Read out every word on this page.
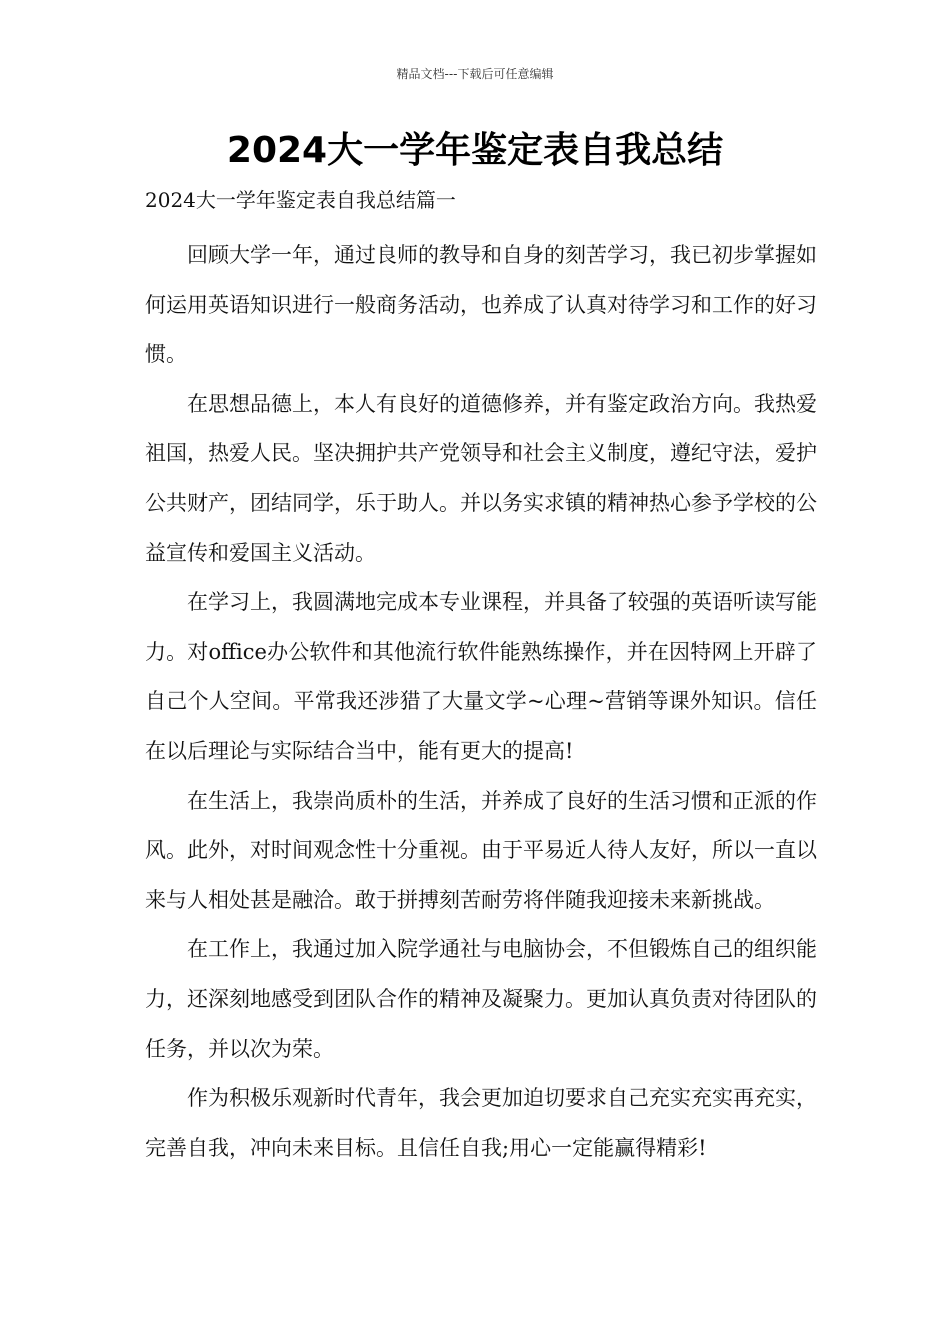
精品文档---下载后可任意编辑
2024大一学年鉴定表自我总结
2024大一学年鉴定表自我总结篇一

回顾大学一年，通过良师的教导和自身的刻苦学习，我已初步掌握如何运用英语知识进行一般商务活动，也养成了认真对待学习和工作的好习惯。

在思想品德上，本人有良好的道德修养，并有鉴定政治方向。我热爱祖国，热爱人民。坚决拥护共产党领导和社会主义制度，遵纪守法，爱护公共财产，团结同学，乐于助人。并以务实求镇的精神热心参予学校的公益宣传和爱国主义活动。

在学习上，我圆满地完成本专业课程，并具备了较强的英语听读写能力。对office办公软件和其他流行软件能熟练操作，并在因特网上开辟了自己个人空间。平常我还涉猎了大量文学~心理~营销等课外知识。信任在以后理论与实际结合当中，能有更大的提高!

在生活上，我崇尚质朴的生活，并养成了良好的生活习惯和正派的作风。此外，对时间观念性十分重视。由于平易近人待人友好，所以一直以来与人相处甚是融洽。敢于拼搏刻苦耐劳将伴随我迎接未来新挑战。

在工作上，我通过加入院学通社与电脑协会，不但锻炼自己的组织能力，还深刻地感受到团队合作的精神及凝聚力。更加认真负责对待团队的任务，并以次为荣。

作为积极乐观新时代青年，我会更加迫切要求自己充实充实再充实，完善自我，冲向未来目标。且信任自我;用心一定能赢得精彩!
